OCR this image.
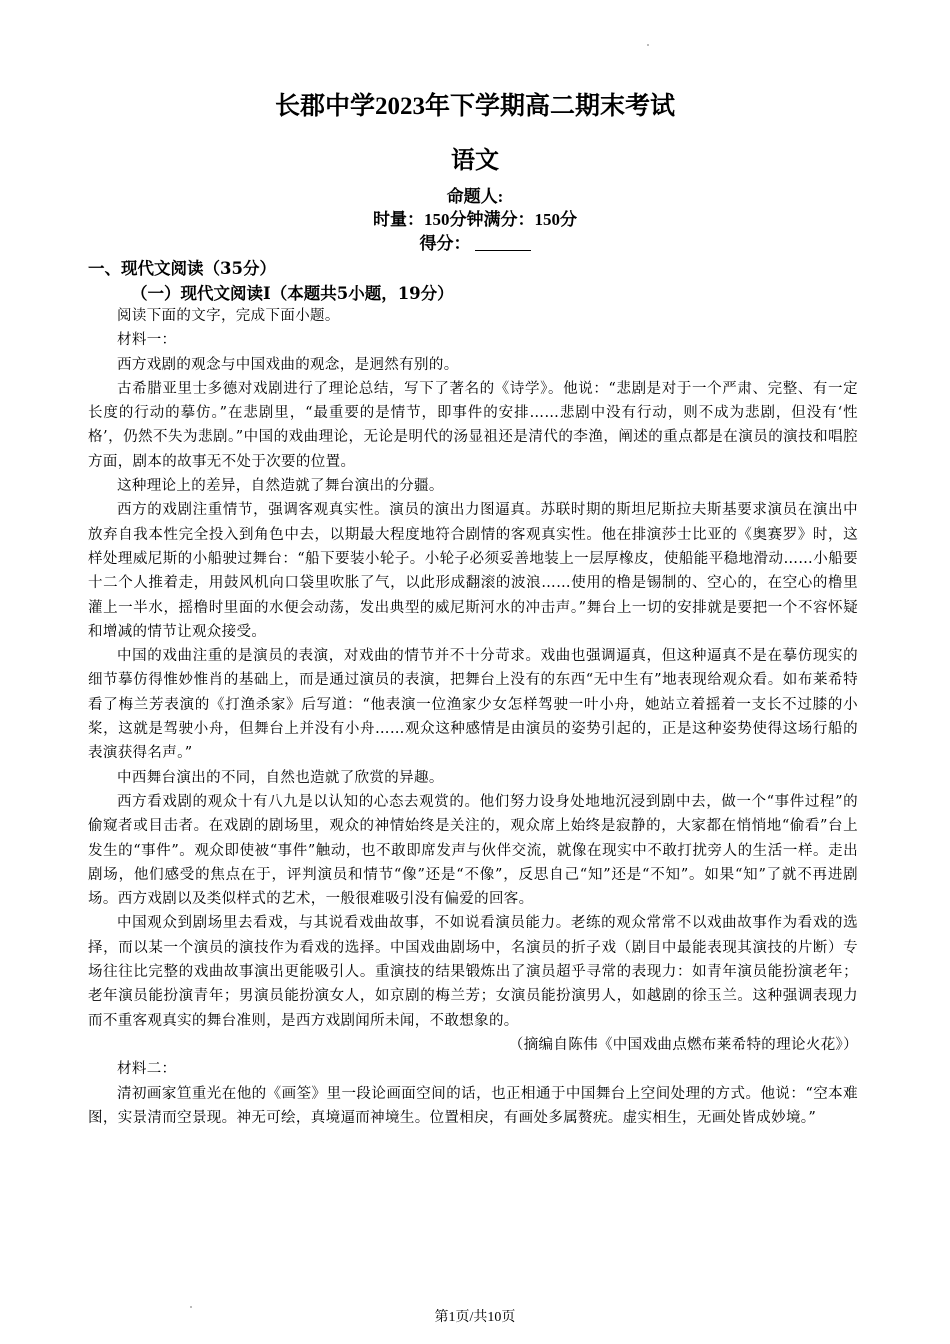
长郡中学2023年下学期高二期末考试
语文
命题人:
时量：150分钟满分：150分
得分：
一、现代文阅读（35分）
（一）现代文阅读Ⅰ（本题共5小题，19分）

阅读下面的文字，完成下面小题。

材料一：

西方戏剧的观念与中国戏曲的观念，是迥然有别的。

古希腊亚里士多德对戏剧进行了理论总结，写下了著名的《诗学》。他说：“悲剧是对于一个严肃、完整、有一定长度的行动的摹仿。”在悲剧里，“最重要的是情节，即事件的安排……悲剧中没有行动，则不成为悲剧，但没有‘性格’，仍然不失为悲剧。”中国的戏曲理论，无论是明代的汤显祖还是清代的李渔，阐述的重点都是在演员的演技和唱腔方面，剧本的故事无不处于次要的位置。

这种理论上的差异，自然造就了舞台演出的分疆。

西方的戏剧注重情节，强调客观真实性。演员的演出力图逼真。苏联时期的斯坦尼斯拉夫斯基要求演员在演出中放弃自我本性完全投入到角色中去，以期最大程度地符合剧情的客观真实性。他在排演莎士比亚的《奥赛罗》时，这样处理威尼斯的小船驶过舞台：“船下要装小轮子。小轮子必须妥善地装上一层厚橡皮，使船能平稳地滑动……小船要十二个人推着走，用鼓风机向口袋里吹胀了气，以此形成翻滚的波浪……使用的橹是锡制的、空心的，在空心的橹里灌上一半水，摇橹时里面的水便会动荡，发出典型的威尼斯河水的冲击声。”舞台上一切的安排就是要把一个不容怀疑和增减的情节让观众接受。

中国的戏曲注重的是演员的表演，对戏曲的情节并不十分苛求。戏曲也强调逼真，但这种逼真不是在摹仿现实的细节摹仿得惟妙惟肖的基础上，而是通过演员的表演，把舞台上没有的东西“无中生有”地表现给观众看。如布莱希特看了梅兰芳表演的《打渔杀家》后写道：“他表演一位渔家少女怎样驾驶一叶小舟，她站立着摇着一支长不过膝的小桨，这就是驾驶小舟，但舞台上并没有小舟……观众这种感情是由演员的姿势引起的，正是这种姿势使得这场行船的表演获得名声。”

中西舞台演出的不同，自然也造就了欣赏的异趣。

西方看戏剧的观众十有八九是以认知的心态去观赏的。他们努力设身处地地沉浸到剧中去，做一个“事件过程”的偷窥者或目击者。在戏剧的剧场里，观众的神情始终是关注的，观众席上始终是寂静的，大家都在悄悄地“偷看”台上发生的“事件”。观众即使被“事件”触动，也不敢即席发声与伙伴交流，就像在现实中不敢打扰旁人的生活一样。走出剧场，他们感受的焦点在于，评判演员和情节“像”还是“不像”，反思自己“知”还是“不知”。如果“知”了就不再进剧场。西方戏剧以及类似样式的艺术，一般很难吸引没有偏爱的回客。

中国观众到剧场里去看戏，与其说看戏曲故事，不如说看演员能力。老练的观众常常不以戏曲故事作为看戏的选择，而以某一个演员的演技作为看戏的选择。中国戏曲剧场中，名演员的折子戏（剧目中最能表现其演技的片断）专场往往比完整的戏曲故事演出更能吸引人。重演技的结果锻炼出了演员超乎寻常的表现力：如青年演员能扮演老年；老年演员能扮演青年；男演员能扮演女人，如京剧的梅兰芳；女演员能扮演男人，如越剧的徐玉兰。这种强调表现力而不重客观真实的舞台准则，是西方戏剧闻所未闻，不敢想象的。

（摘编自陈伟《中国戏曲点燃布莱希特的理论火花》）

材料二：

清初画家笪重光在他的《画筌》里一段论画面空间的话，也正相通于中国舞台上空间处理的方式。他说：“空本难图，实景清而空景现。神无可绘，真境逼而神境生。位置相戾，有画处多属赘疣。虚实相生，无画处皆成妙境。”

第1页/共10页
